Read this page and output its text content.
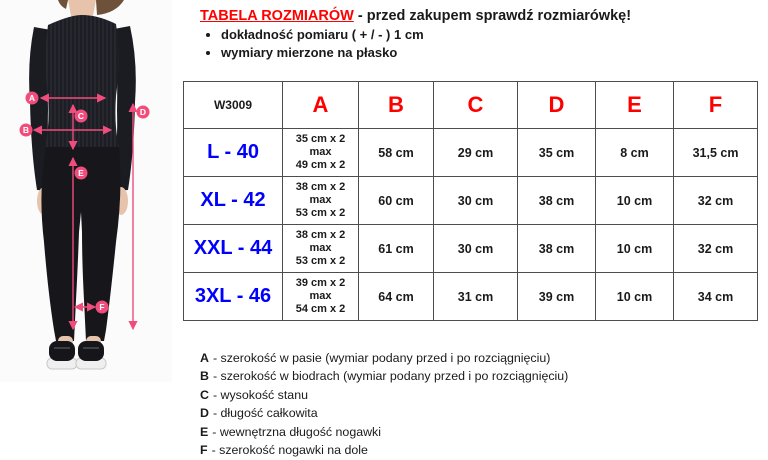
A
B
C	D
E
F
TABELA ROZMIARÓW - przed zakupem sprawdź rozmiarówkę!
• dokładność pomiaru ( + / - ) 1 cm
• wymiary mierzone na płasko
W3009	A	B	C	D	E	F
L - 40	35 cm x 2
max
49 cm x 2	58 cm	29 cm	35 cm	8 cm	31,5 cm
XL - 42	38 cm x 2
max
53 cm x 2	60 cm	30 cm	38 cm	10 cm	32 cm
XXL - 44	38 cm x 2
max
53 cm x 2	61 cm	30 cm	38 cm	10 cm	32 cm
3XL - 46	39 cm x 2
max
54 cm x 2	64 cm	31 cm	39 cm	10 cm	34 cm
A - szerokość w pasie (wymiar podany przed i po rozciągnięciu)
B - szerokość w biodrach (wymiar podany przed i po rozciągnięciu)
C - wysokość stanu
D - długość całkowita
E - wewnętrzna długość nogawki
F - szerokość nogawki na dole
